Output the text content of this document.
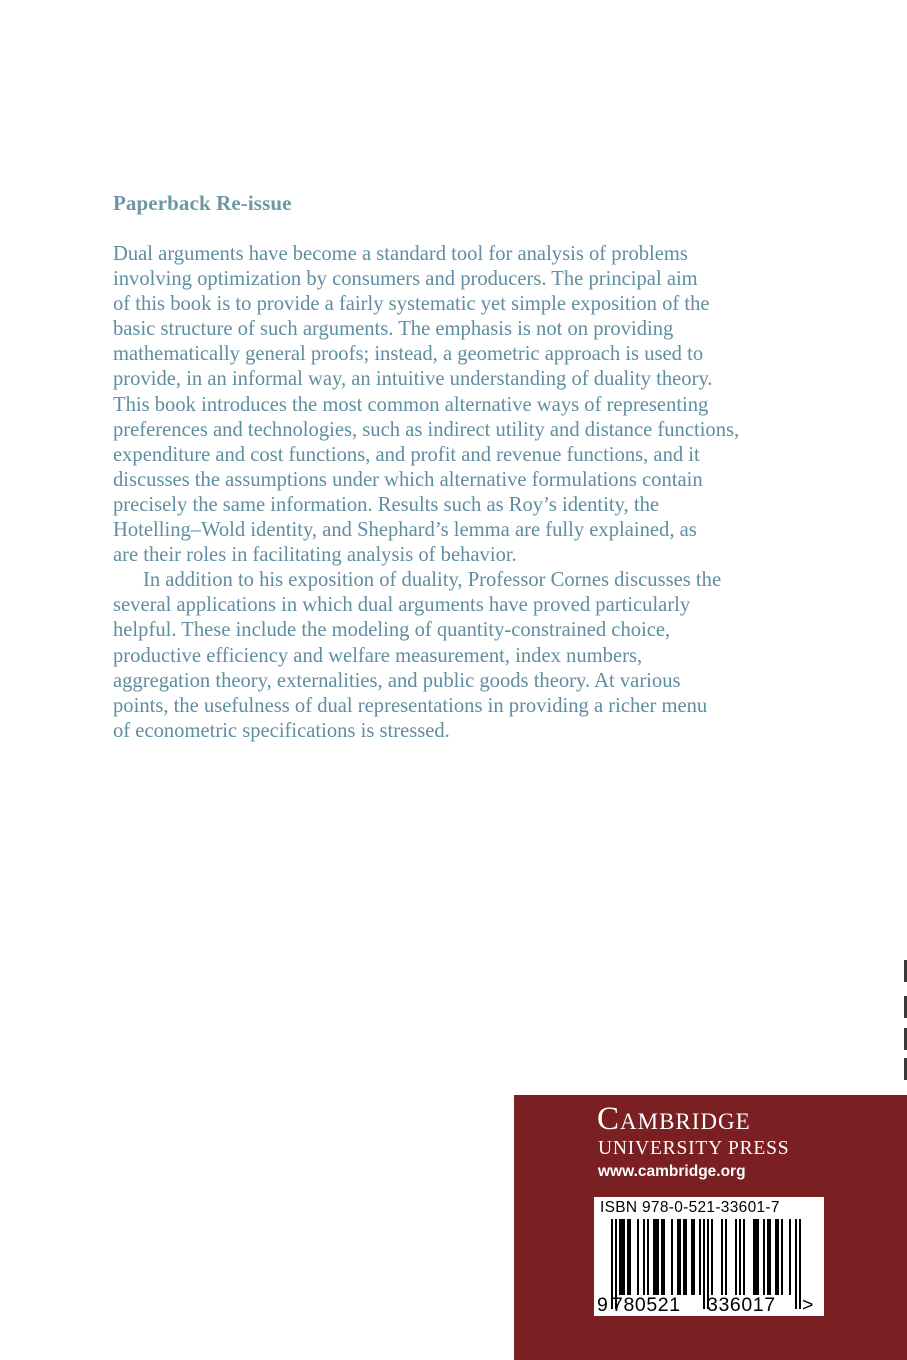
Paperback Re-issue

Dual arguments have become a standard tool for analysis of problems
involving optimization by consumers and producers. The principal aim
of this book is to provide a fairly systematic yet simple exposition of the
basic structure of such arguments. The emphasis is not on providing
mathematically general proofs; instead, a geometric approach is used to
provide, in an informal way, an intuitive understanding of duality theory.
This book introduces the most common alternative ways of representing
preferences and technologies, such as indirect utility and distance functions,
expenditure and cost functions, and profit and revenue functions, and it
discusses the assumptions under which alternative formulations contain
precisely the same information. Results such as Roy’s identity, the
Hotelling–Wold identity, and Shephard’s lemma are fully explained, as
are their roles in facilitating analysis of behavior.

In addition to his exposition of duality, Professor Cornes discusses the
several applications in which dual arguments have proved particularly
helpful. These include the modeling of quantity-constrained choice,
productive efficiency and welfare measurement, index numbers,
aggregation theory, externalities, and public goods theory. At various
points, the usefulness of dual representations in providing a richer menu
of econometric specifications is stressed.

Cambridge
UNIVERSITY PRESS
www.cambridge.org
ISBN 978-0-521-33601-7
9 780521 336017 >
